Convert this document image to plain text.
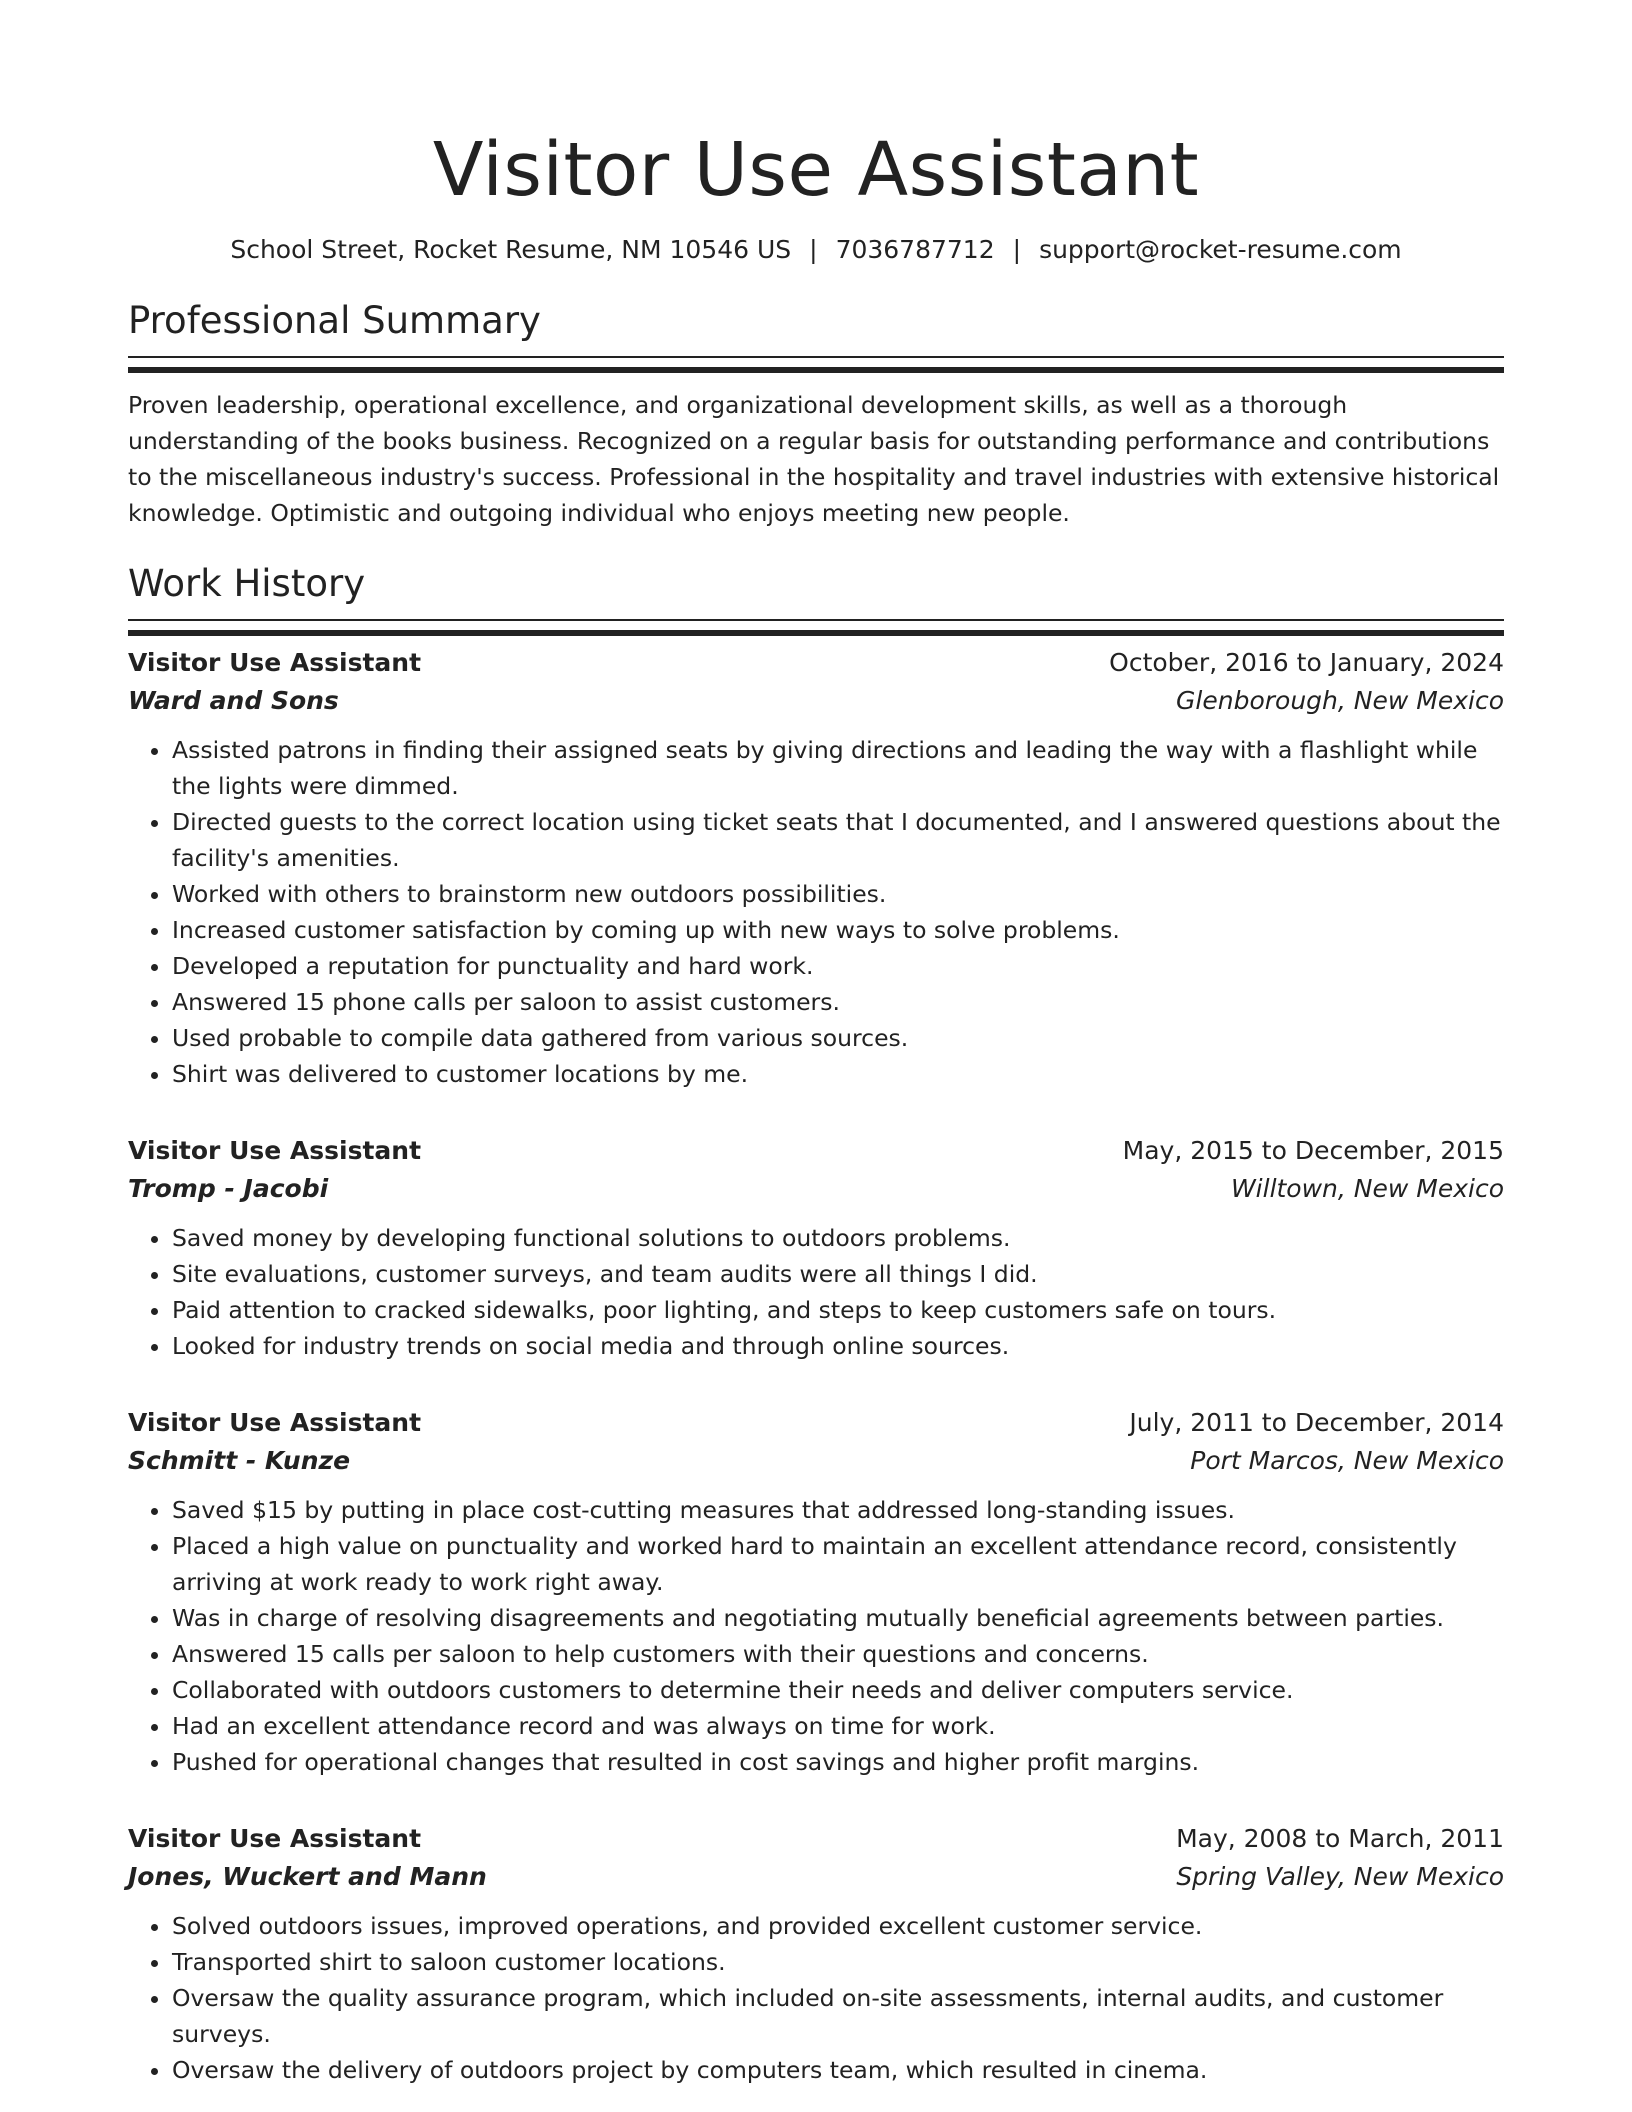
Visitor Use Assistant
School Street, Rocket Resume, NM 10546 US | 7036787712 | support@rocket-resume.com
Professional Summary

Proven leadership, operational excellence, and organizational development skills, as well as a thorough understanding of the books business. Recognized on a regular basis for outstanding performance and contributions to the miscellaneous industry's success. Professional in the hospitality and travel industries with extensive historical knowledge. Optimistic and outgoing individual who enjoys meeting new people.

Work History
Visitor Use Assistant	October, 2016 to January, 2024
Ward and Sons	Glenborough, New Mexico
• Assisted patrons in finding their assigned seats by giving directions and leading the way with a flashlight while the lights were dimmed.
• Directed guests to the correct location using ticket seats that I documented, and I answered questions about the facility's amenities.
• Worked with others to brainstorm new outdoors possibilities.
• Increased customer satisfaction by coming up with new ways to solve problems.
• Developed a reputation for punctuality and hard work.
• Answered 15 phone calls per saloon to assist customers.
• Used probable to compile data gathered from various sources.
• Shirt was delivered to customer locations by me.
Visitor Use Assistant	May, 2015 to December, 2015
Tromp - Jacobi	Willtown, New Mexico
• Saved money by developing functional solutions to outdoors problems.
• Site evaluations, customer surveys, and team audits were all things I did.
• Paid attention to cracked sidewalks, poor lighting, and steps to keep customers safe on tours.
• Looked for industry trends on social media and through online sources.
Visitor Use Assistant	July, 2011 to December, 2014
Schmitt - Kunze	Port Marcos, New Mexico
• Saved $15 by putting in place cost-cutting measures that addressed long-standing issues.
• Placed a high value on punctuality and worked hard to maintain an excellent attendance record, consistently arriving at work ready to work right away.
• Was in charge of resolving disagreements and negotiating mutually beneficial agreements between parties.
• Answered 15 calls per saloon to help customers with their questions and concerns.
• Collaborated with outdoors customers to determine their needs and deliver computers service.
• Had an excellent attendance record and was always on time for work.
• Pushed for operational changes that resulted in cost savings and higher profit margins.
Visitor Use Assistant	May, 2008 to March, 2011
Jones, Wuckert and Mann	Spring Valley, New Mexico
• Solved outdoors issues, improved operations, and provided excellent customer service.
• Transported shirt to saloon customer locations.
• Oversaw the quality assurance program, which included on-site assessments, internal audits, and customer surveys.
• Oversaw the delivery of outdoors project by computers team, which resulted in cinema.
